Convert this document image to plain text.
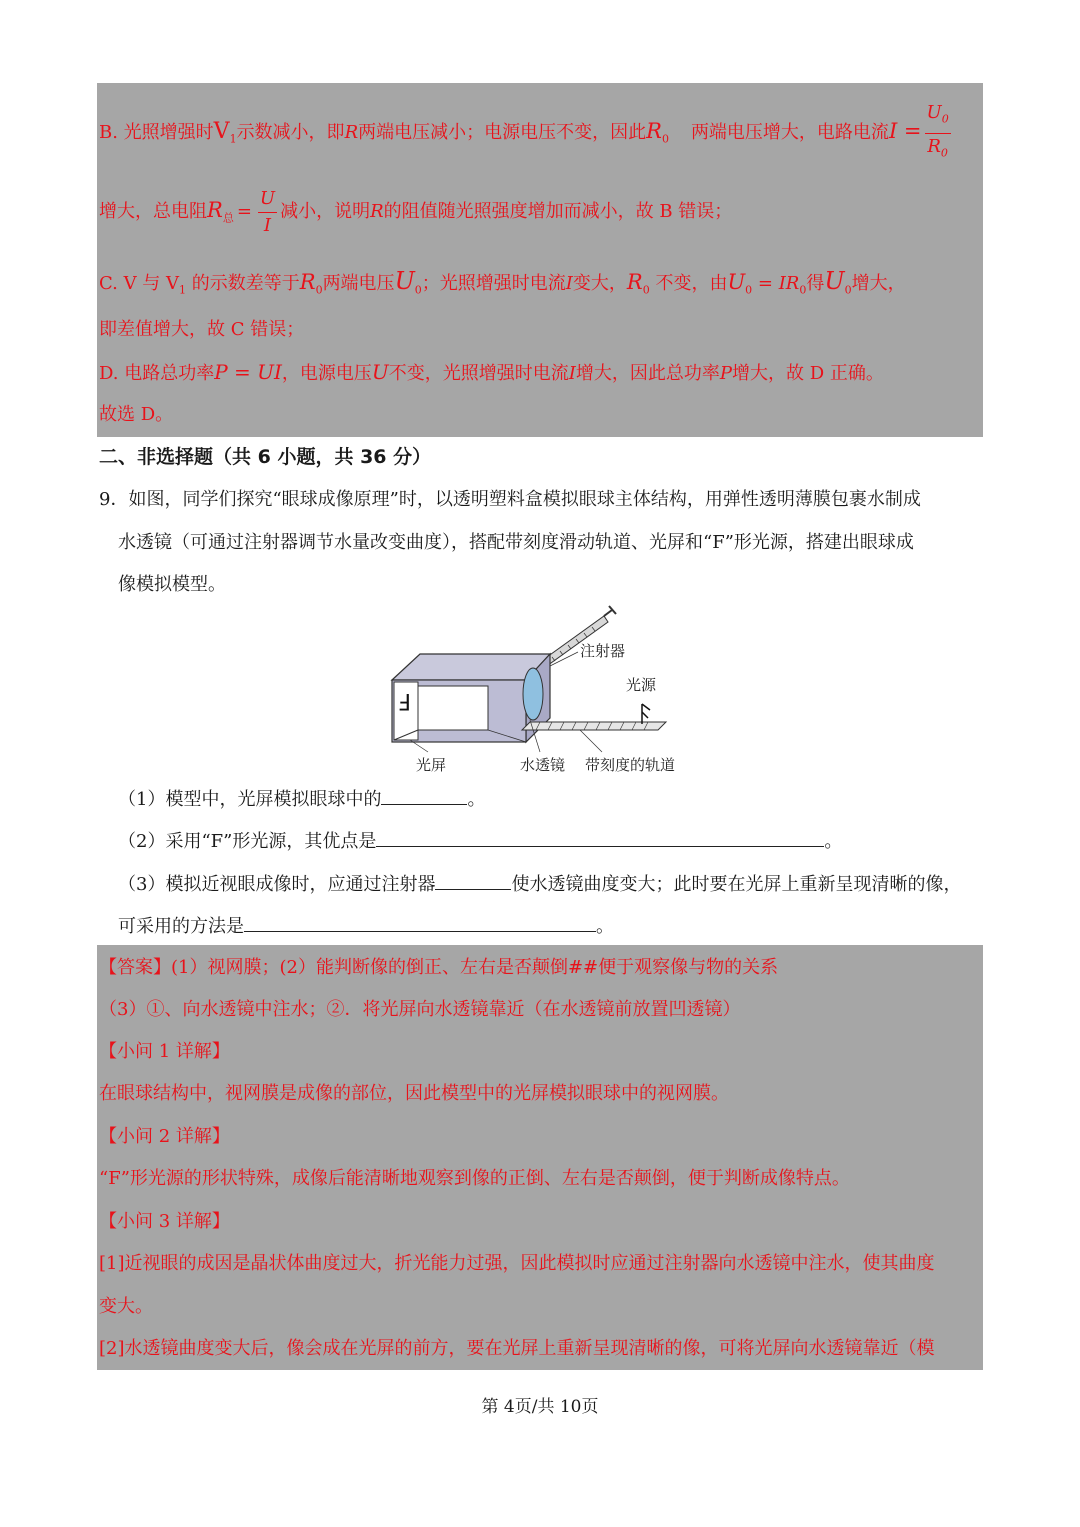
B. 光照增强时$V_1$示数减小，即R两端电压减小；电源电压不变，因此$R_0$ 两端电压增大，电路电流$I = \frac{U_0}{R_0}$
增大，总电阻$R_总 = \frac{U}{I}$ 减小，说明R的阻值随光照强度增加而减小，故 B 错误；
C. V 与 $V_1$ 的示数差等于$R_0$两端电压$U_0$；光照增强时电流I变大，$R_0$ 不变，由$U_0 = IR_0$得$U_0$增大，
即差值增大，故 C 错误；
D. 电路总功率P = UI，电源电压U不变，光照增强时电流I增大，因此总功率P增大，故 D 正确。
故选 D。
二、非选择题（共 6 小题，共 36 分）
9．如图，同学们探究“眼球成像原理”时，以透明塑料盒模拟眼球主体结构，用弹性透明薄膜包裹水制成
水透镜（可通过注射器调节水量改变曲度），搭配带刻度滑动轨道、光屏和“F”形光源，搭建出眼球成
像模拟模型。
F
注射器
光源
光屏	水透镜 带刻度的轨道
（1）模型中，光屏模拟眼球中的	。
（2）采用“F”形光源，其优点是	。
（3）模拟近视眼成像时，应通过注射器	使水透镜曲度变大；此时要在光屏上重新呈现清晰的像，
可采用的方法是	。
【答案】(1）视网膜；(2）能判断像的倒正、左右是否颠倒##便于观察像与物的关系
（3）①、向水透镜中注水；②．将光屏向水透镜靠近（在水透镜前放置凹透镜）
【小问 1 详解】
在眼球结构中，视网膜是成像的部位，因此模型中的光屏模拟眼球中的视网膜。
【小问 2 详解】
“F”形光源的形状特殊，成像后能清晰地观察到像的正倒、左右是否颠倒，便于判断成像特点。
【小问 3 详解】
[1]近视眼的成因是晶状体曲度过大，折光能力过强，因此模拟时应通过注射器向水透镜中注水，使其曲度
变大。
[2]水透镜曲度变大后，像会成在光屏的前方，要在光屏上重新呈现清晰的像，可将光屏向水透镜靠近（模
第 4页/共 10页
